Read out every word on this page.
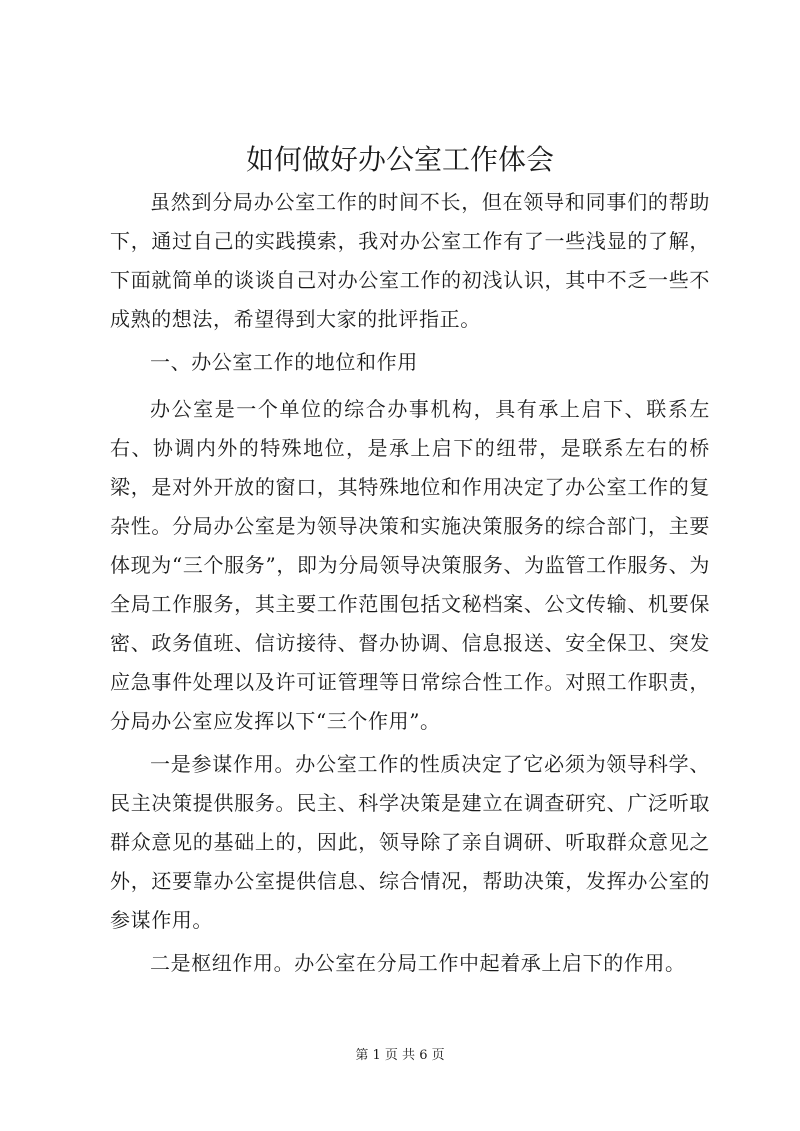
如何做好办公室工作体会

虽然到分局办公室工作的时间不长，但在领导和同事们的帮助下，通过自己的实践摸索，我对办公室工作有了一些浅显的了解，下面就简单的谈谈自己对办公室工作的初浅认识，其中不乏一些不成熟的想法，希望得到大家的批评指正。

一、办公室工作的地位和作用

办公室是一个单位的综合办事机构，具有承上启下、联系左右、协调内外的特殊地位，是承上启下的纽带，是联系左右的桥梁，是对外开放的窗口，其特殊地位和作用决定了办公室工作的复杂性。分局办公室是为领导决策和实施决策服务的综合部门，主要体现为“三个服务”，即为分局领导决策服务、为监管工作服务、为全局工作服务，其主要工作范围包括文秘档案、公文传输、机要保密、政务值班、信访接待、督办协调、信息报送、安全保卫、突发应急事件处理以及许可证管理等日常综合性工作。对照工作职责，分局办公室应发挥以下“三个作用”。

一是参谋作用。办公室工作的性质决定了它必须为领导科学、民主决策提供服务。民主、科学决策是建立在调查研究、广泛听取群众意见的基础上的，因此，领导除了亲自调研、听取群众意见之外，还要靠办公室提供信息、综合情况，帮助决策，发挥办公室的参谋作用。

二是枢纽作用。办公室在分局工作中起着承上启下的作用。

第 1 页 共 6 页
